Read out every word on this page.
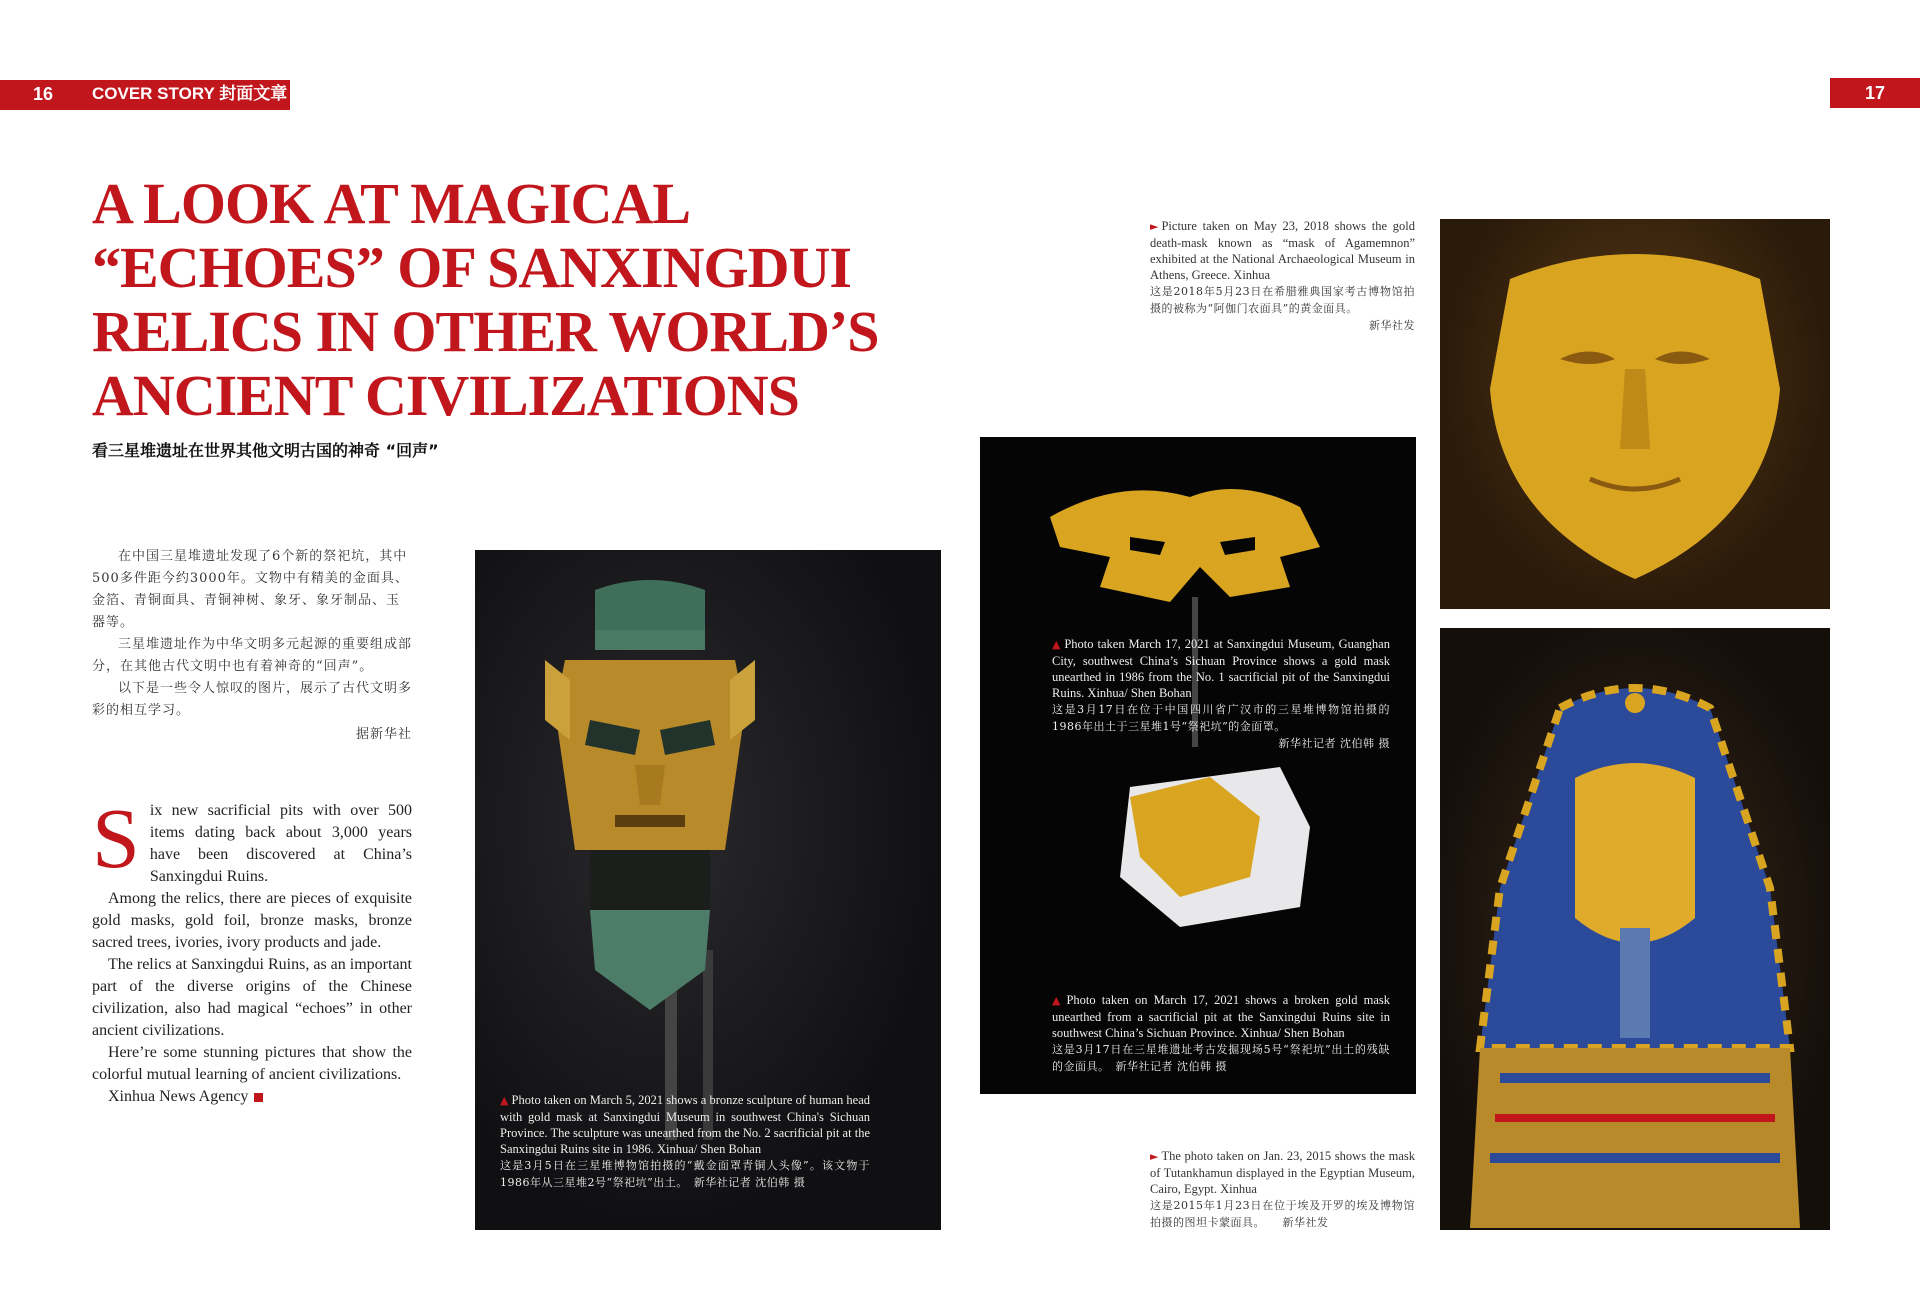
16	COVER STORY 封面文章	17
A LOOK AT MAGICAL
“ECHOES” OF SANXINGDUI
RELICS IN OTHER WORLD’S
ANCIENT CIVILIZATIONS
看三星堆遗址在世界其他文明古国的神奇 “回声”

在中国三星堆遗址发现了6个新的祭祀坑，其中500多件距今约3000年。文物中有精美的金面具、金箔、青铜面具、青铜神树、象牙、象牙制品、玉器等。

三星堆遗址作为中华文明多元起源的重要组成部分，在其他古代文明中也有着神奇的“回声”。

以下是一些令人惊叹的图片，展示了古代文明多彩的相互学习。

据新华社

Six new sacrificial pits with over 500 items dating back about 3,000 years have been discovered at China’s Sanxingdui Ruins.

Among the relics, there are pieces of exquisite gold masks, gold foil, bronze masks, bronze sacred trees, ivories, ivory products and jade.

The relics at Sanxingdui Ruins, as an important part of the diverse origins of the Chinese civilization, also had magical “echoes” in other ancient civilizations.

Here’re some stunning pictures that show the colorful mutual learning of ancient civilizations.

Xinhua News Agency	▲ Photo taken on March 5, 2021 shows a bronze sculpture of human head with gold mask at Sanxingdui Museum in southwest China's Sichuan Province. The sculpture was unearthed from the No. 2 sacrificial pit at the Sanxingdui Ruins site in 1986. Xinhua/ Shen Bohan
这是3月5日在三星堆博物馆拍摄的“戴金面罩青铜人头像”。该文物于1986年从三星堆2号“祭祀坑”出土。　 新华社记者 沈伯韩 摄
▲ Photo taken March 17, 2021 at Sanxingdui Museum, Guanghan City, southwest China’s Sichuan Province shows a gold mask unearthed in 1986 from the No. 1 sacrificial pit of the Sanxingdui Ruins. Xinhua/ Shen Bohan
这是3月17日在位于中国四川省广汉市的三星堆博物馆拍摄的1986年出土于三星堆1号“祭祀坑”的金面罩。
新华社记者 沈伯韩 摄
▲ Photo taken on March 17, 2021 shows a broken gold mask unearthed from a sacrificial pit at the Sanxingdui Ruins site in southwest China’s Sichuan Province. Xinhua/ Shen Bohan
这是3月17日在三星堆遗址考古发掘现场5号“祭祀坑”出土的残缺的金面具。　 新华社记者 沈伯韩 摄
► Picture taken on May 23, 2018 shows the gold death-mask known as “mask of Agamemnon” exhibited at the National Archaeological Museum in Athens, Greece. Xinhua
这是2018年5月23日在希腊雅典国家考古博物馆拍摄的被称为“阿伽门农面具”的黄金面具。
新华社发
► The photo taken on Jan. 23, 2015 shows the mask of Tutankhamun displayed in the Egyptian Museum, Cairo, Egypt. Xinhua
这是2015年1月23日在位于埃及开罗的埃及博物馆拍摄的图坦卡蒙面具。　　 新华社发
